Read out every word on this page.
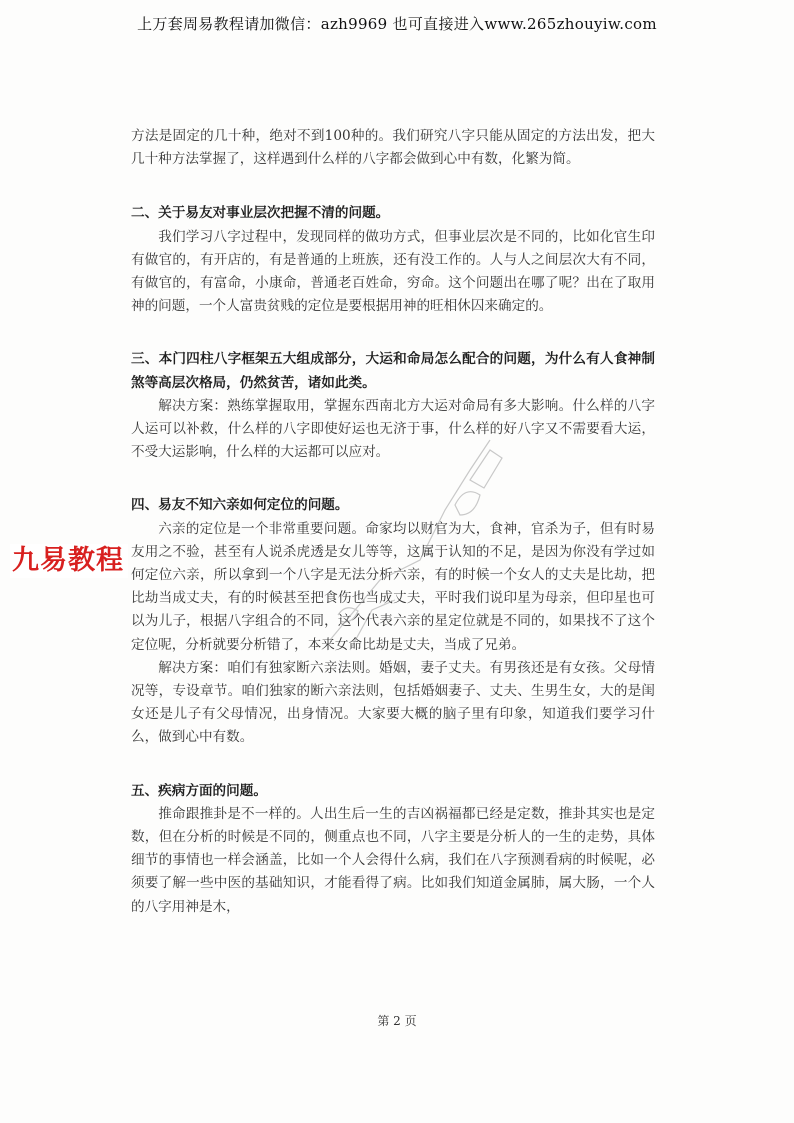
上万套周易教程请加微信：azh9969 也可直接进入www.265zhouyiw.com

方法是固定的几十种，绝对不到100种的。我们研究八字只能从固定的方法出发，把大几十种方法掌握了，这样遇到什么样的八字都会做到心中有数，化繁为简。

二、关于易友对事业层次把握不清的问题。

我们学习八字过程中，发现同样的做功方式，但事业层次是不同的，比如化官生印有做官的，有开店的，有是普通的上班族，还有没工作的。人与人之间层次大有不同，有做官的，有富命，小康命，普通老百姓命，穷命。这个问题出在哪了呢？出在了取用神的问题，一个人富贵贫贱的定位是要根据用神的旺相休囚来确定的。

三、本门四柱八字框架五大组成部分，大运和命局怎么配合的问题，为什么有人食神制煞等高层次格局，仍然贫苦，诸如此类。

解决方案：熟练掌握取用，掌握东西南北方大运对命局有多大影响。什么样的八字人运可以补救，什么样的八字即使好运也无济于事，什么样的好八字又不需要看大运，不受大运影响，什么样的大运都可以应对。

四、易友不知六亲如何定位的问题。

六亲的定位是一个非常重要问题。命家均以财官为大，食神，官杀为子，但有时易友用之不验，甚至有人说杀虎透是女儿等等，这属于认知的不足，是因为你没有学过如何定位六亲，所以拿到一个八字是无法分析六亲，有的时候一个女人的丈夫是比劫，把比劫当成丈夫，有的时候甚至把食伤也当成丈夫，平时我们说印星为母亲，但印星也可以为儿子，根据八字组合的不同，这个代表六亲的星定位就是不同的，如果找不了这个定位呢，分析就要分析错了，本来女命比劫是丈夫，当成了兄弟。

解决方案：咱们有独家断六亲法则。婚姻，妻子丈夫。有男孩还是有女孩。父母情况等，专设章节。咱们独家的断六亲法则，包括婚姻妻子、丈夫、生男生女，大的是闺女还是儿子有父母情况，出身情况。大家要大概的脑子里有印象，知道我们要学习什么，做到心中有数。

五、疾病方面的问题。

推命跟推卦是不一样的。人出生后一生的吉凶祸福都已经是定数，推卦其实也是定数，但在分析的时候是不同的，侧重点也不同，八字主要是分析人的一生的走势，具体细节的事情也一样会涵盖，比如一个人会得什么病，我们在八字预测看病的时候呢，必须要了解一些中医的基础知识，才能看得了病。比如我们知道金属肺，属大肠，一个人的八字用神是木，

九易教程
第 2 页
